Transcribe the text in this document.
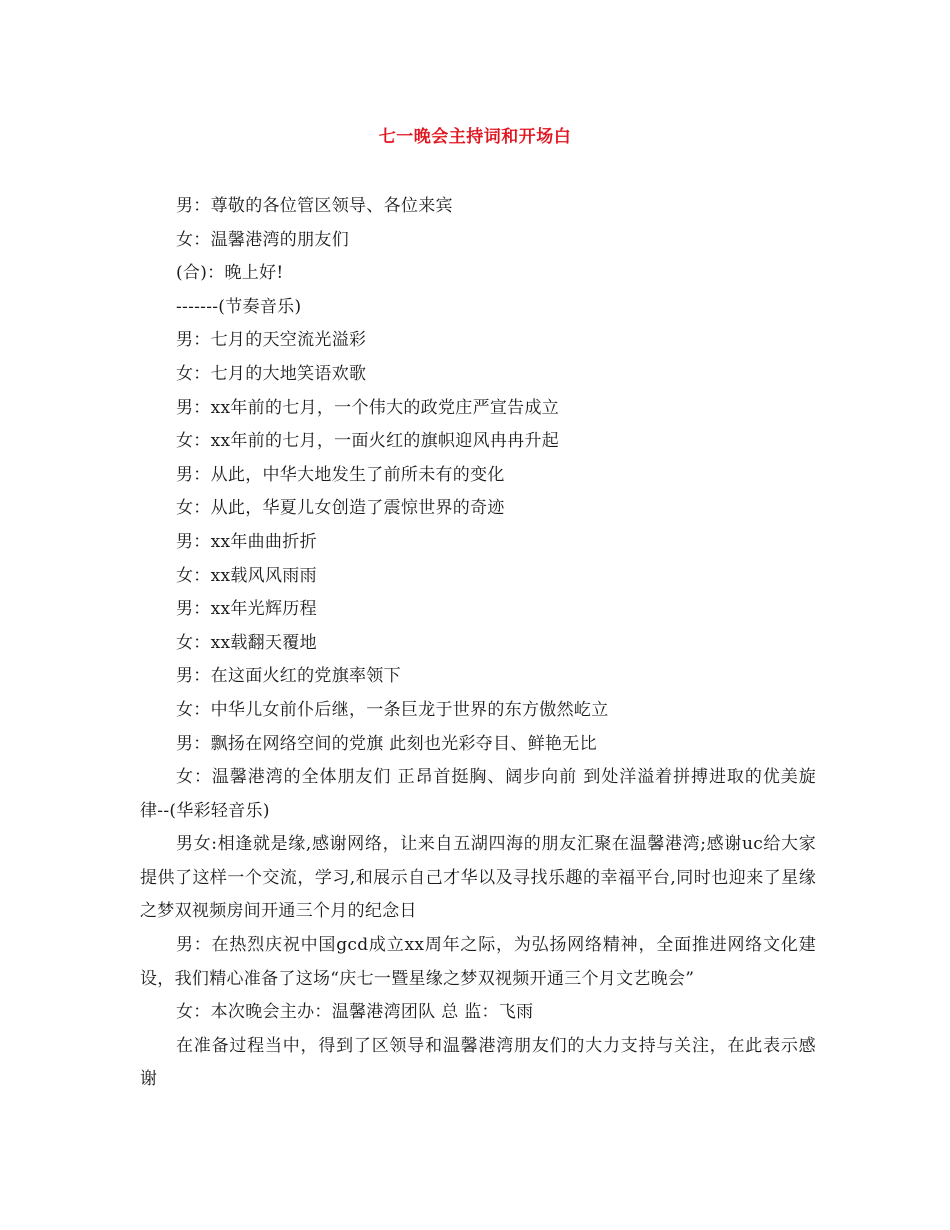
七一晚会主持词和开场白

男：尊敬的各位管区领导、各位来宾

女：温馨港湾的朋友们

(合)：晚上好!

-------(节奏音乐)

男：七月的天空流光溢彩

女：七月的大地笑语欢歌

男：xx年前的七月，一个伟大的政党庄严宣告成立

女：xx年前的七月，一面火红的旗帜迎风冉冉升起

男：从此，中华大地发生了前所未有的变化

女：从此，华夏儿女创造了震惊世界的奇迹

男：xx年曲曲折折

女：xx载风风雨雨

男：xx年光辉历程

女：xx载翻天覆地

男：在这面火红的党旗率领下

女：中华儿女前仆后继，一条巨龙于世界的东方傲然屹立

男：飘扬在网络空间的党旗 此刻也光彩夺目、鲜艳无比

女：温馨港湾的全体朋友们 正昂首挺胸、阔步向前 到处洋溢着拼搏进取的优美旋律--(华彩轻音乐)

男女:相逢就是缘,感谢网络，让来自五湖四海的朋友汇聚在温馨港湾;感谢uc给大家提供了这样一个交流，学习,和展示自己才华以及寻找乐趣的幸福平台,同时也迎来了星缘之梦双视频房间开通三个月的纪念日

男：在热烈庆祝中国gcd成立xx周年之际，为弘扬网络精神，全面推进网络文化建设，我们精心准备了这场“庆七一暨星缘之梦双视频开通三个月文艺晚会”

女：本次晚会主办：温馨港湾团队 总 监：飞雨

在准备过程当中，得到了区领导和温馨港湾朋友们的大力支持与关注，在此表示感谢
